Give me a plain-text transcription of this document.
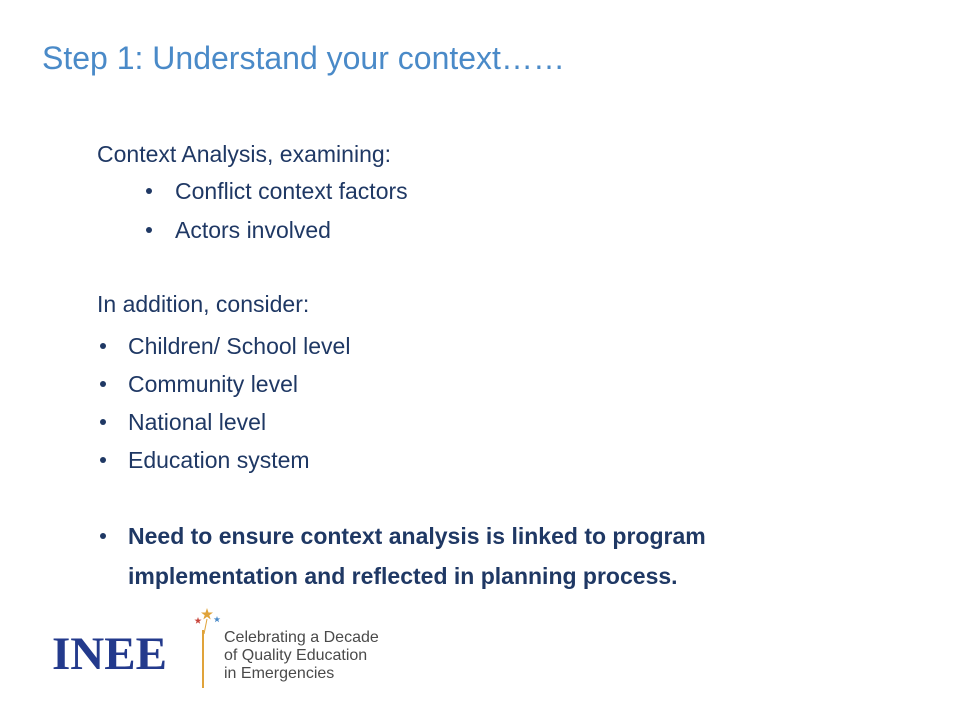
Step 1: Understand your context……
Context Analysis, examining:
Conflict context factors
Actors involved
In addition, consider:
Children/ School level
Community level
National level
Education system
Need to ensure context analysis is linked to program
implementation and reflected in planning process.
INEE	Celebrating a Decade
of Quality Education
in Emergencies
